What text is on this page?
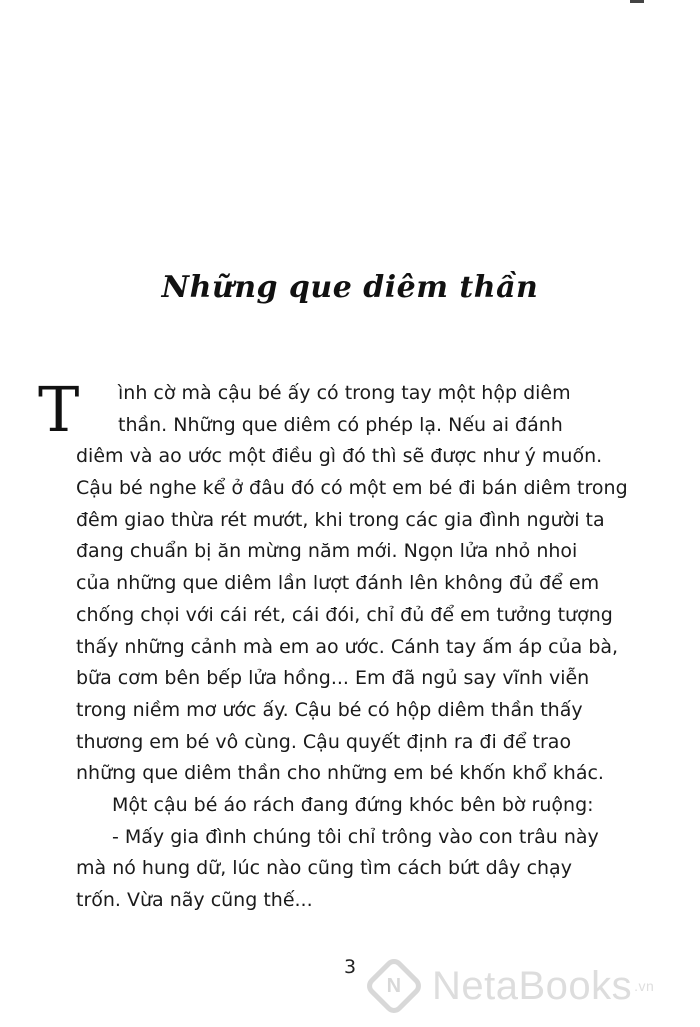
Những que diêm thần
T	ình cờ mà cậu bé ấy có trong tay một hộp diêm
thần. Những que diêm có phép lạ. Nếu ai đánh
diêm và ao ước một điều gì đó thì sẽ được như ý muốn.
Cậu bé nghe kể ở đâu đó có một em bé đi bán diêm trong
đêm giao thừa rét mướt, khi trong các gia đình người ta
đang chuẩn bị ăn mừng năm mới. Ngọn lửa nhỏ nhoi
của những que diêm lần lượt đánh lên không đủ để em
chống chọi với cái rét, cái đói, chỉ đủ để em tưởng tượng
thấy những cảnh mà em ao ước. Cánh tay ấm áp của bà,
bữa cơm bên bếp lửa hồng... Em đã ngủ say vĩnh viễn
trong niềm mơ ước ấy. Cậu bé có hộp diêm thần thấy
thương em bé vô cùng. Cậu quyết định ra đi để trao
những que diêm thần cho những em bé khốn khổ khác.
Một cậu bé áo rách đang đứng khóc bên bờ ruộng:
- Mấy gia đình chúng tôi chỉ trông vào con trâu này
mà nó hung dữ, lúc nào cũng tìm cách bứt dây chạy
trốn. Vừa nãy cũng thế...
3
N NetaBooks .vn
